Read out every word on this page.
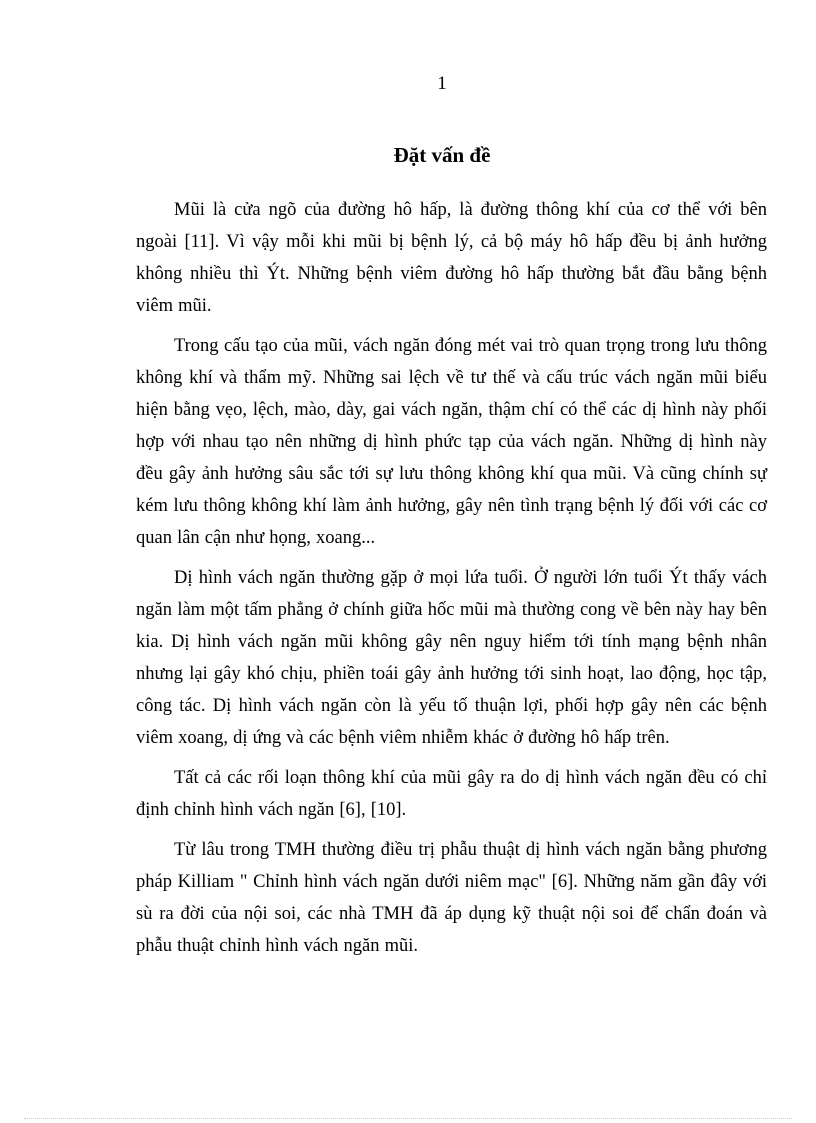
1
Đặt vấn đề

Mũi là cửa ngõ của đường hô hấp, là đường thông khí của cơ thể với bên ngoài [11]. Vì vậy mỗi khi mũi bị bệnh lý, cả bộ máy hô hấp đều bị ảnh hưởng không nhiều thì Ýt. Những bệnh viêm đường hô hấp thường bắt đầu bằng bệnh viêm mũi.

Trong cấu tạo của mũi, vách ngăn đóng mét vai trò quan trọng trong lưu thông không khí và thẩm mỹ. Những sai lệch về tư thế và cấu trúc vách ngăn mũi biểu hiện bằng vẹo, lệch, mào, dày, gai vách ngăn, thậm chí có thể các dị hình này phối hợp với nhau tạo nên những dị hình phức tạp của vách ngăn. Những dị hình này đều gây ảnh hưởng sâu sắc tới sự lưu thông không khí qua mũi. Và cũng chính sự kém lưu thông không khí làm ảnh hưởng, gây nên tình trạng bệnh lý đối với các cơ quan lân cận như họng, xoang...

Dị hình vách ngăn thường gặp ở mọi lứa tuổi. Ở người lớn tuổi Ýt thấy vách ngăn làm một tấm phẳng ở chính giữa hốc mũi mà thường cong về bên này hay bên kia. Dị hình vách ngăn mũi không gây nên nguy hiểm tới tính mạng bệnh nhân nhưng lại gây khó chịu, phiền toái gây ảnh hưởng tới sinh hoạt, lao động, học tập, công tác. Dị hình vách ngăn còn là yếu tố thuận lợi, phối hợp gây nên các bệnh viêm xoang, dị ứng và các bệnh viêm nhiễm khác ở đường hô hấp trên.

Tất cả các rối loạn thông khí của mũi gây ra do dị hình vách ngăn đều có chỉ định chỉnh hình vách ngăn [6], [10].

Từ lâu trong TMH thường điều trị phẫu thuật dị hình vách ngăn bằng phương pháp Killiam " Chỉnh hình vách ngăn dưới niêm mạc" [6]. Những năm gần đây với sù ra đời của nội soi, các nhà TMH đã áp dụng kỹ thuật nội soi để chẩn đoán và phẫu thuật chỉnh hình vách ngăn mũi.
